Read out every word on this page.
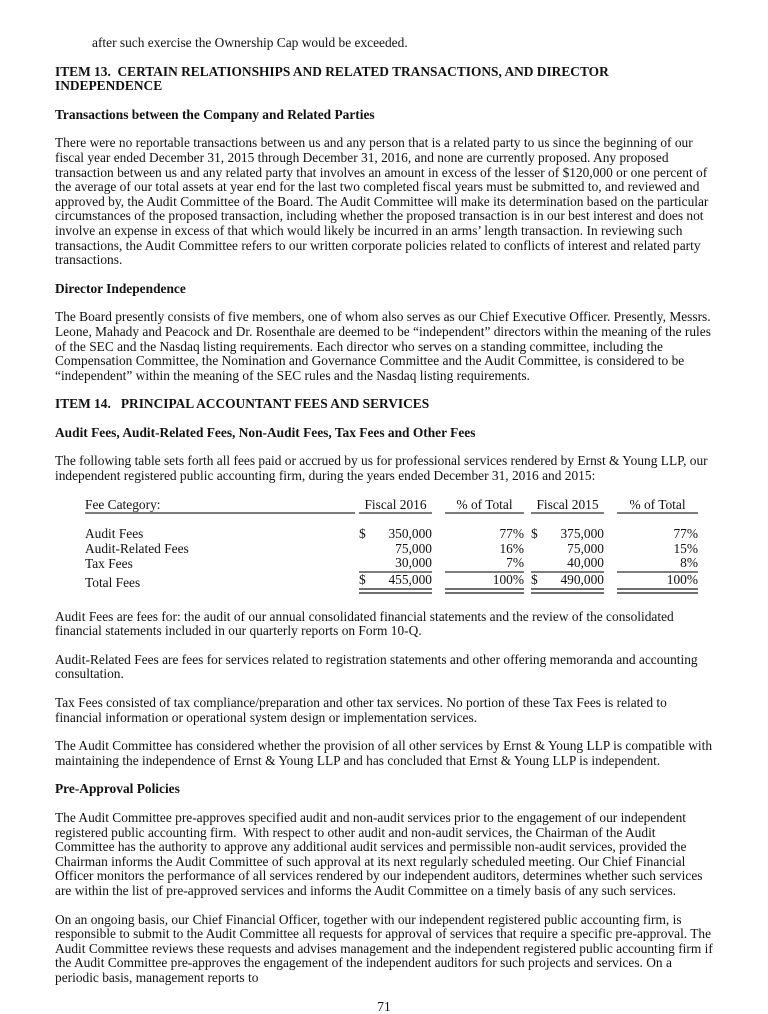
after such exercise the Ownership Cap would be exceeded.

ITEM 13.  CERTAIN RELATIONSHIPS AND RELATED TRANSACTIONS, AND DIRECTOR INDEPENDENCE

Transactions between the Company and Related Parties

There were no reportable transactions between us and any person that is a related party to us since the beginning of our fiscal year ended December 31, 2015 through December 31, 2016, and none are currently proposed. Any proposed transaction between us and any related party that involves an amount in excess of the lesser of $120,000 or one percent of the average of our total assets at year end for the last two completed fiscal years must be submitted to, and reviewed and approved by, the Audit Committee of the Board. The Audit Committee will make its determination based on the particular circumstances of the proposed transaction, including whether the proposed transaction is in our best interest and does not involve an expense in excess of that which would likely be incurred in an arms’ length transaction. In reviewing such transactions, the Audit Committee refers to our written corporate policies related to conflicts of interest and related party transactions.

Director Independence

The Board presently consists of five members, one of whom also serves as our Chief Executive Officer. Presently, Messrs. Leone, Mahady and Peacock and Dr. Rosenthale are deemed to be “independent” directors within the meaning of the rules of the SEC and the Nasdaq listing requirements. Each director who serves on a standing committee, including the Compensation Committee, the Nomination and Governance Committee and the Audit Committee, is considered to be “independent” within the meaning of the SEC rules and the Nasdaq listing requirements.

ITEM 14.   PRINCIPAL ACCOUNTANT FEES AND SERVICES

Audit Fees, Audit-Related Fees, Non-Audit Fees, Tax Fees and Other Fees

The following table sets forth all fees paid or accrued by us for professional services rendered by Ernst & Young LLP, our independent registered public accounting firm, during the years ended December 31, 2016 and 2015:

Fee Category:		Fiscal 2016			% of Total		Fiscal 2015			% of Total

Audit Fees		$	350,000		77%		$	375,000		77%
Audit-Related Fees			75,000		16%			75,000		15%
Tax Fees			30,000		7%			40,000		8%
Total Fees		$	455,000		100%		$	490,000		100%

Audit Fees are fees for: the audit of our annual consolidated financial statements and the review of the consolidated financial statements included in our quarterly reports on Form 10-Q.

Audit-Related Fees are fees for services related to registration statements and other offering memoranda and accounting consultation.

Tax Fees consisted of tax compliance/preparation and other tax services. No portion of these Tax Fees is related to financial information or operational system design or implementation services.

The Audit Committee has considered whether the provision of all other services by Ernst & Young LLP is compatible with maintaining the independence of Ernst & Young LLP and has concluded that Ernst & Young LLP is independent.

Pre-Approval Policies

The Audit Committee pre-approves specified audit and non-audit services prior to the engagement of our independent registered public accounting firm.  With respect to other audit and non-audit services, the Chairman of the Audit Committee has the authority to approve any additional audit services and permissible non-audit services, provided the Chairman informs the Audit Committee of such approval at its next regularly scheduled meeting. Our Chief Financial Officer monitors the performance of all services rendered by our independent auditors, determines whether such services are within the list of pre-approved services and informs the Audit Committee on a timely basis of any such services.

On an ongoing basis, our Chief Financial Officer, together with our independent registered public accounting firm, is responsible to submit to the Audit Committee all requests for approval of services that require a specific pre-approval. The Audit Committee reviews these requests and advises management and the independent registered public accounting firm if the Audit Committee pre-approves the engagement of the independent auditors for such projects and services. On a periodic basis, management reports to

71
